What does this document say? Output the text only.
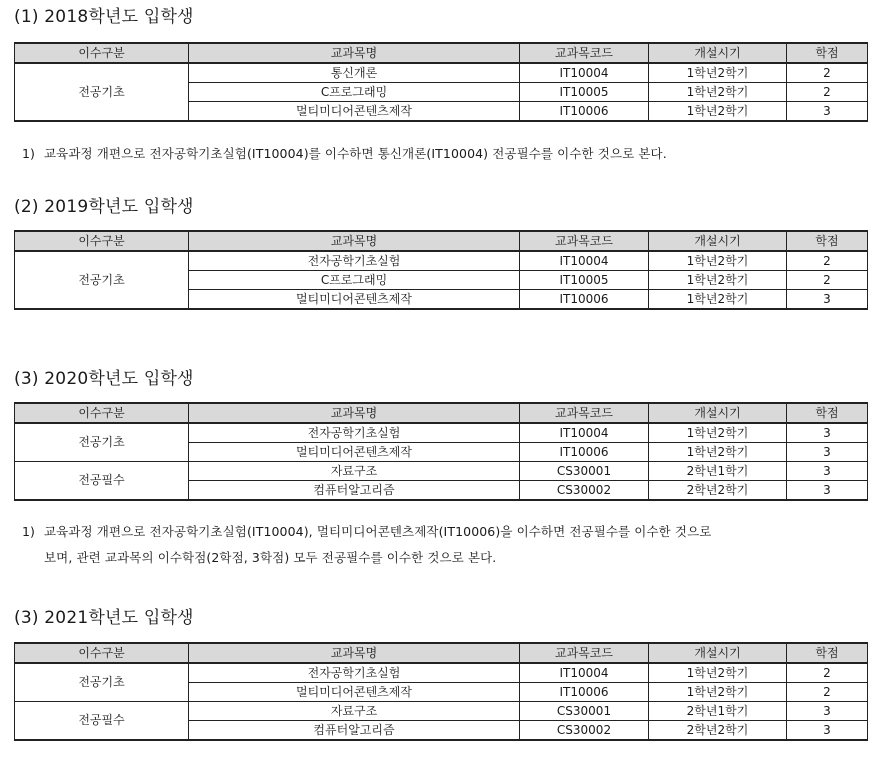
(1) 2018학년도 입학생
이수구분	교과목명	교과목코드	개설시기	학점
전공기초	통신개론	IT10004	1학년2학기	2
	C프로그래밍	IT10005	1학년2학기	2
	멀티미디어콘텐츠제작	IT10006	1학년2학기	3
1) 교육과정 개편으로 전자공학기초실험(IT10004)를 이수하면 통신개론(IT10004) 전공필수를 이수한 것으로 본다.
(2) 2019학년도 입학생
이수구분	교과목명	교과목코드	개설시기	학점
전공기초	전자공학기초실험	IT10004	1학년2학기	2
	C프로그래밍	IT10005	1학년2학기	2
	멀티미디어콘텐츠제작	IT10006	1학년2학기	3
(3) 2020학년도 입학생
이수구분	교과목명	교과목코드	개설시기	학점
전공기초	전자공학기초실험	IT10004	1학년2학기	3
	멀티미디어콘텐츠제작	IT10006	1학년2학기	3
전공필수	자료구조	CS30001	2학년1학기	3
	컴퓨터알고리즘	CS30002	2학년2학기	3
1) 교육과정 개편으로 전자공학기초실험(IT10004), 멀티미디어콘텐츠제작(IT10006)을 이수하면 전공필수를 이수한 것으로
보며, 관련 교과목의 이수학점(2학점, 3학점) 모두 전공필수를 이수한 것으로 본다.
(3) 2021학년도 입학생
이수구분	교과목명	교과목코드	개설시기	학점
전공기초	전자공학기초실험	IT10004	1학년2학기	2
	멀티미디어콘텐츠제작	IT10006	1학년2학기	2
전공필수	자료구조	CS30001	2학년1학기	3
	컴퓨터알고리즘	CS30002	2학년2학기	3
